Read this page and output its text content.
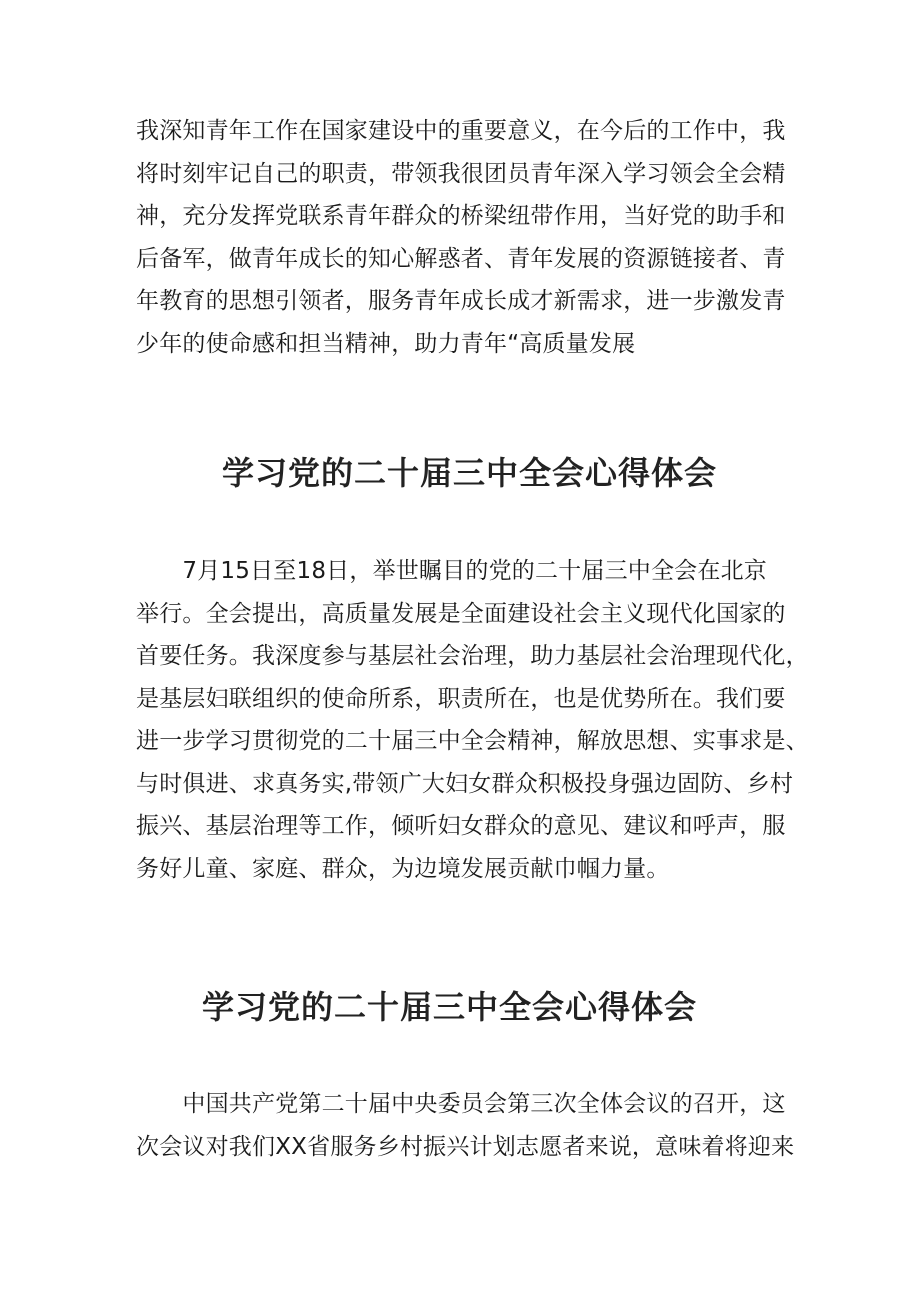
我深知青年工作在国家建设中的重要意义，在今后的工作中，我
将时刻牢记自己的职责，带领我很团员青年深入学习领会全会精
神，充分发挥党联系青年群众的桥梁纽带作用，当好党的助手和
后备军，做青年成长的知心解惑者、青年发展的资源链接者、青
年教育的思想引领者，服务青年成长成才新需求，进一步激发青
少年的使命感和担当精神，助力青年“高质量发展

学习党的二十届三中全会心得体会

　　7月15日至18日，举世瞩目的党的二十届三中全会在北京
举行。全会提出，高质量发展是全面建设社会主义现代化国家的
首要任务。我深度参与基层社会治理，助力基层社会治理现代化，
是基层妇联组织的使命所系，职责所在，也是优势所在。我们要
进一步学习贯彻党的二十届三中全会精神，解放思想、实事求是、
与时俱进、求真务实,带领广大妇女群众积极投身强边固防、乡村
振兴、基层治理等工作，倾听妇女群众的意见、建议和呼声，服
务好儿童、家庭、群众，为边境发展贡献巾帼力量。

学习党的二十届三中全会心得体会

　　中国共产党第二十届中央委员会第三次全体会议的召开，这
次会议对我们XX省服务乡村振兴计划志愿者来说，意味着将迎来
